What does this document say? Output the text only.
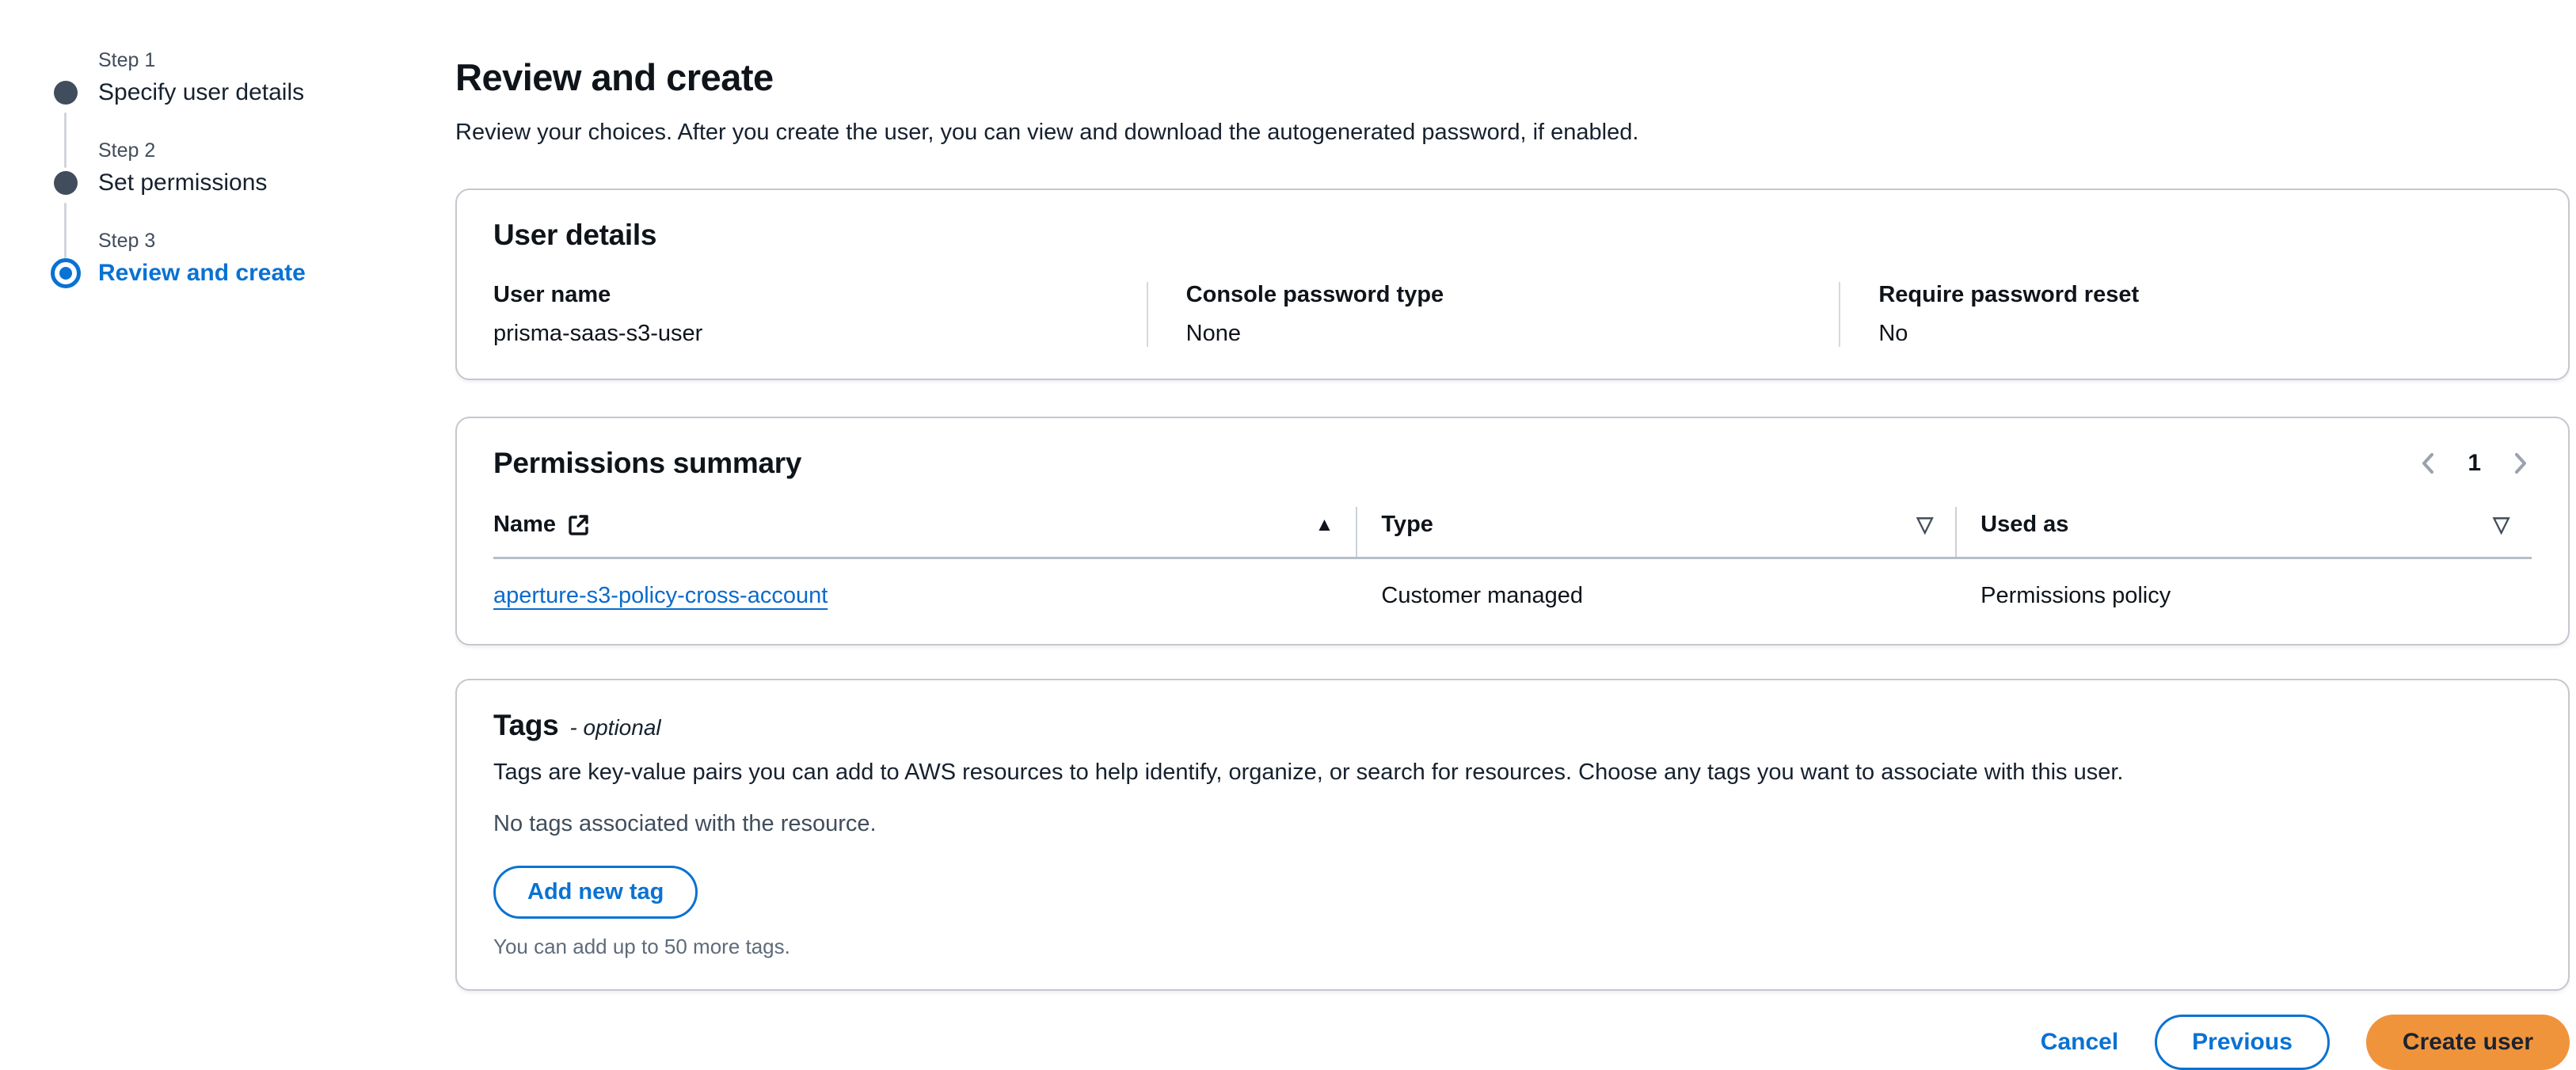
Step 1
Specify user details
Step 2
Set permissions
Step 3
Review and create
Review and create
Review your choices. After you create the user, you can view and download the autogenerated password, if enabled.
User details
User name
prisma-saas-s3-user
Console password type
None
Require password reset
No
Permissions summary	1
Name	▲ Type	▽ Used as	▽
aperture-s3-policy-cross-account	Customer managed	Permissions policy
Tags - optional
Tags are key-value pairs you can add to AWS resources to help identify, organize, or search for resources. Choose any tags you want to associate with this user.
No tags associated with the resource.
Add new tag
You can add up to 50 more tags.
Cancel	Previous	Create user
